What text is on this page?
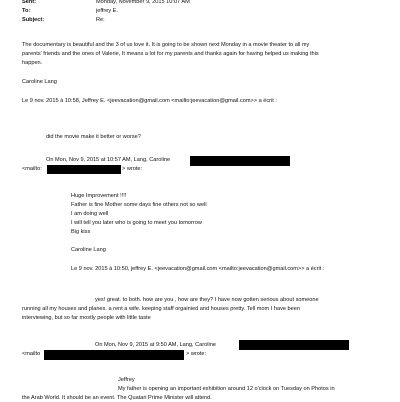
Sent:	Monday, November 9, 2015 10:07 AM
To:	jeffrey E.
Subject:	Re:
The documentary is beautiful and the 3 of us love it. It is going to be shown next Monday in a movie theater to all my
parents' friends and the ones of Valerie, It means a lot for my parents and thanks again for having helped us making this
happen.
Caroline Lang
Le 9 nov. 2015 à 10:58, Jeffrey E. <jeevacation@gmail.com <mailto:jeevacation@gmail.com>> a écrit :
did the movie make it better or worse?
On Mon, Nov 9, 2015 at 10:57 AM, Lang, Caroline
<mailto:	> wrote:
Huge Improvement !!!!
Father is fine Mother some days fine others not so well
I am doing well
I will tell you later who is going to meet you tomorrow
Big kiss
Caroline Lang
Le 9 nov. 2015 à 10:50, jeffrey E. <jeevacation@gmail.com <mailto:jeevacation@gmail.com>> a écrit :
yes! great. to both. how are you , how are they? I have now gotten serious about someone
running all my houses and planes. a rent a wife. keeping staff orgainied and houses pretty. Tell mom I have been
interviewing, but so far mostly people with little taste
On Mon, Nov 9, 2015 at 9:50 AM, Lang, Caroline
<mailto	> wrote:
Jeffrey
My father is opening an important exhibition around 12 o'clock on Tuesday on Photos in
the Arab World. It should be an event. The Quatari Prime Minister will attend.
